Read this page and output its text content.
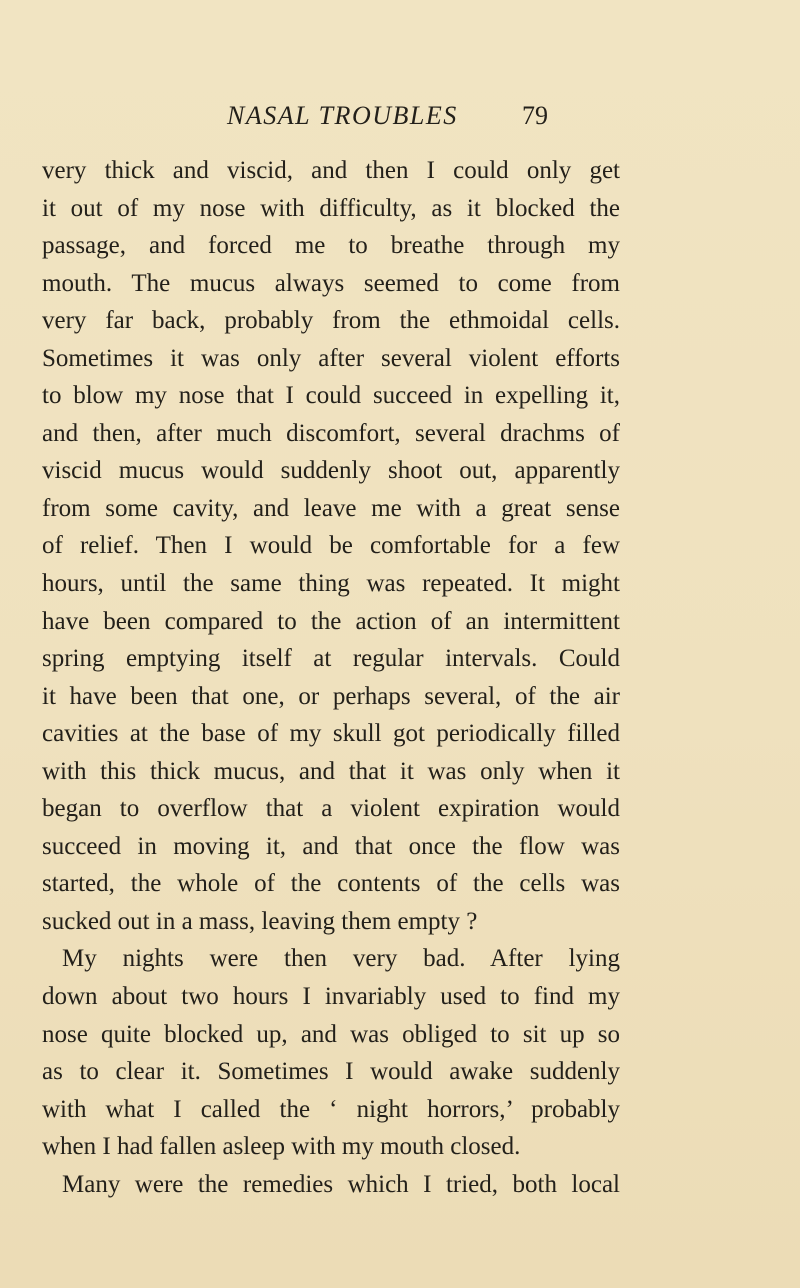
NASAL TROUBLES	79
very thick and viscid, and then I could only get
it out of my nose with difficulty, as it blocked the
passage, and forced me to breathe through my
mouth. The mucus always seemed to come from
very far back, probably from the ethmoidal cells.
Sometimes it was only after several violent efforts
to blow my nose that I could succeed in expelling it,
and then, after much discomfort, several drachms of
viscid mucus would suddenly shoot out, apparently
from some cavity, and leave me with a great sense
of relief. Then I would be comfortable for a few
hours, until the same thing was repeated. It might
have been compared to the action of an intermittent
spring emptying itself at regular intervals. Could
it have been that one, or perhaps several, of the air
cavities at the base of my skull got periodically filled
with this thick mucus, and that it was only when it
began to overflow that a violent expiration would
succeed in moving it, and that once the flow was
started, the whole of the contents of the cells was
sucked out in a mass, leaving them empty ?
My nights were then very bad. After lying
down about two hours I invariably used to find my
nose quite blocked up, and was obliged to sit up so
as to clear it. Sometimes I would awake suddenly
with what I called the ‘ night horrors,’ probably
when I had fallen asleep with my mouth closed.
Many were the remedies which I tried, both local
